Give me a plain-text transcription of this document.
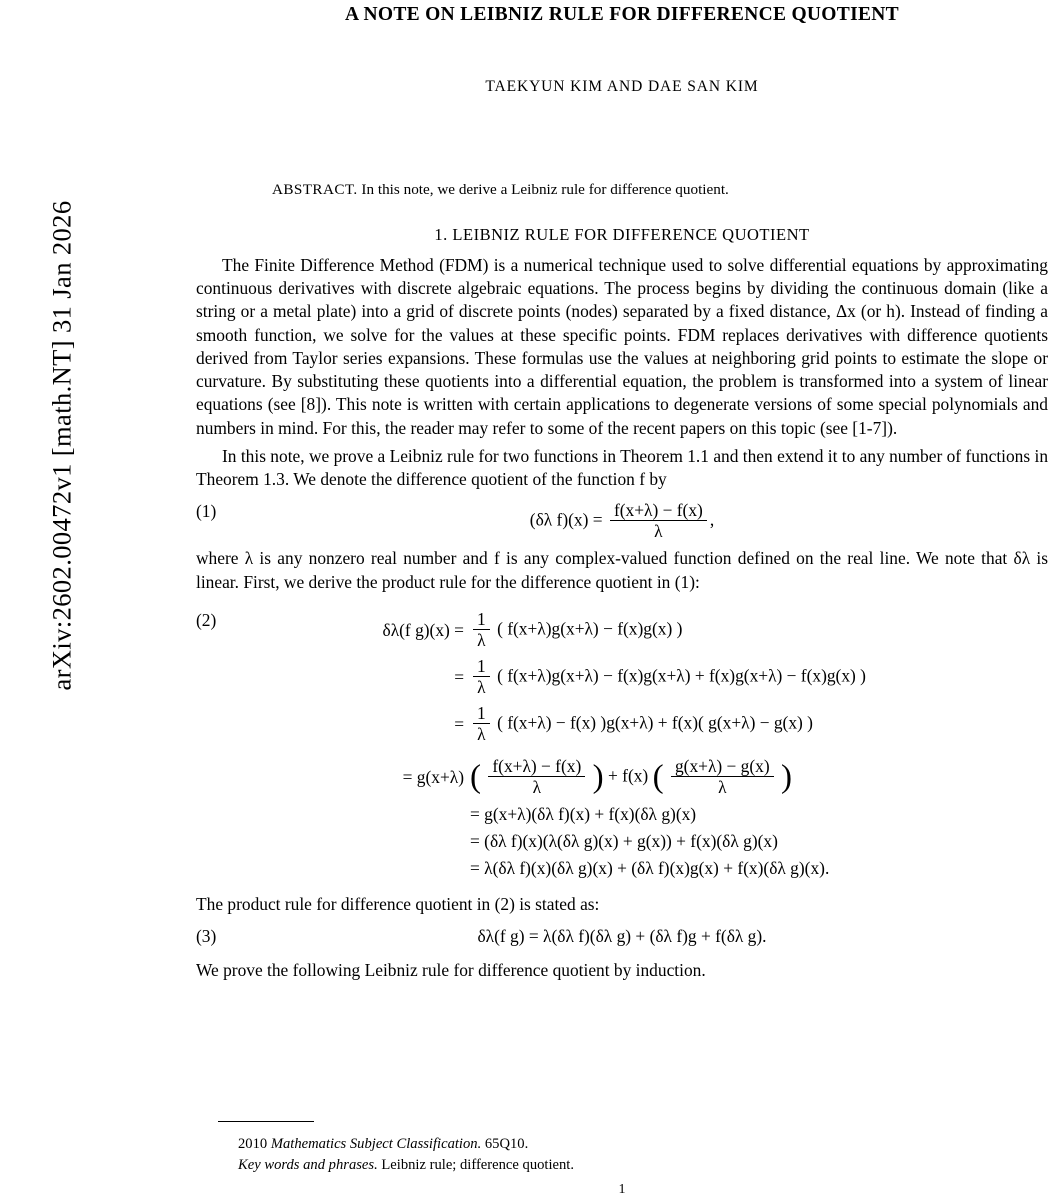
arXiv:2602.00472v1 [math.NT] 31 Jan 2026
A NOTE ON LEIBNIZ RULE FOR DIFFERENCE QUOTIENT
TAEKYUN KIM AND DAE SAN KIM
ABSTRACT. In this note, we derive a Leibniz rule for difference quotient.
1. LEIBNIZ RULE FOR DIFFERENCE QUOTIENT

The Finite Difference Method (FDM) is a numerical technique used to solve differential equations by approximating continuous derivatives with discrete algebraic equations. The process begins by dividing the continuous domain (like a string or a metal plate) into a grid of discrete points (nodes) separated by a fixed distance, Δx (or h). Instead of finding a smooth function, we solve for the values at these specific points. FDM replaces derivatives with difference quotients derived from Taylor series expansions. These formulas use the values at neighboring grid points to estimate the slope or curvature. By substituting these quotients into a differential equation, the problem is transformed into a system of linear equations (see [8]). This note is written with certain applications to degenerate versions of some special polynomials and numbers in mind. For this, the reader may refer to some of the recent papers on this topic (see [1-7]).

In this note, we prove a Leibniz rule for two functions in Theorem 1.1 and then extend it to any number of functions in Theorem 1.3. We denote the difference quotient of the function f by

(1)	(δλ $f)(x) = \frac{f(x+\lambda) - f(x)}{\lambda}$ ,

where λ is any nonzero real number and f is any complex-valued function defined on the real line. We note that δλ is linear. First, we derive the product rule for the difference quotient in (1):

(2)
δλ(f $g)(x) = \frac{1}{\lambda}$ ( f(x+λ)g(x+λ) − f(x)g(x) )
= $\frac{1}{\lambda}$ ( f(x+λ)g(x+λ) − f(x)g(x+λ) + f(x)g(x+λ) − f(x)g(x) )
= $\frac{1}{\lambda}$ ( f(x+λ) − f(x) )g(x+λ) + f(x)( g(x+λ) − g(x) )
= g(x+λ) ( $\frac{f(x+\lambda) - f(x)}{\lambda}$ ) + f(x) ( $\frac{g(x+\lambda) - g(x)}{\lambda}$ )
= g(x+λ)(δλ f)(x) + f(x)(δλ g)(x)
= (δλ f)(x)(λ(δλ g)(x) + g(x)) + f(x)(δλ g)(x)
= λ(δλ f)(x)(δλ g)(x) + (δλ f)(x)g(x) + f(x)(δλ g)(x).

The product rule for difference quotient in (2) is stated as:

(3)	δλ(f g) = λ(δλ f)(δλ g) + (δλ f)g + f(δλ g).

We prove the following Leibniz rule for difference quotient by induction.

2010 Mathematics Subject Classification. 65Q10.
Key words and phrases. Leibniz rule; difference quotient.
1
